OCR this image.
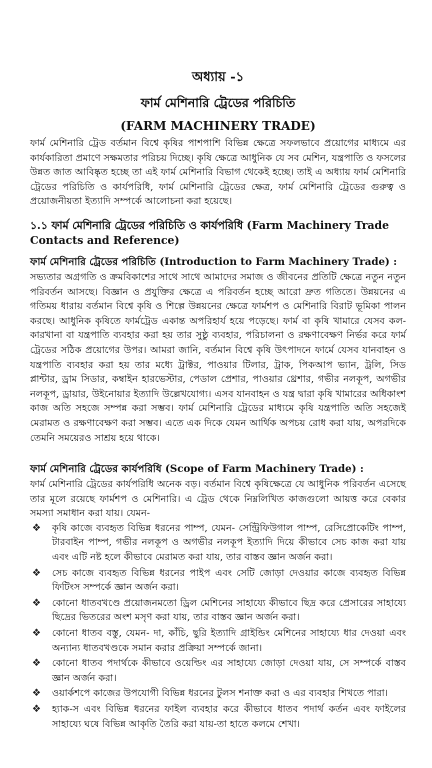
অধ্যায় -১
ফার্ম মেশিনারি ট্রেডের পরিচিতি
(FARM MACHINERY TRADE)

ফার্ম মেশিনারি ট্রেড বর্তমান বিশ্বে কৃষির পাশপাশি বিভিন্ন ক্ষেত্রে সফলভাবে প্রয়োগের মাধ্যমে এর কার্যকারিতা প্রমাণে সক্ষমতার পরিচয় দিচ্ছে। কৃষি ক্ষেত্রে আধুনিক যে সব মেশিন, যন্ত্রপাতি ও ফসলের উন্নত জাত আবিষ্কৃত হচ্ছে তা এই ফার্ম মেশিনারি বিভাগ থেকেই হচ্ছে। তাই এ অধ্যায় ফার্ম মেশিনারি ট্রেডের পরিচিতি ও কার্যপরিধি, ফার্ম মেশিনারি ট্রেডের ক্ষেত্র, ফার্ম মেশিনারি ট্রেডের গুরুত্ব ও প্রয়োজনীয়তা ইত্যাদি সম্পর্কে আলোচনা করা হয়েছে।

১.১ ফার্ম মেশিনারি ট্রেডের পরিচিতি ও কার্যপরিধি (Farm Machinery Trade Contacts and Reference)
ফার্ম মেশিনারি ট্রেডের পরিচিতি (Introduction to Farm Machinery Trade) :

সভ্যতার অগ্রগতি ও ক্রমবিকাশের সাথে সাথে আমাদের সমাজ ও জীবনের প্রতিটি ক্ষেত্রে নতুন নতুন পরিবর্তন আসছে। বিজ্ঞান ও প্রযুক্তির ক্ষেত্রে এ পরিবর্তন হচ্ছে আরো দ্রুত গতিতে। উন্নয়নের এ গতিময় ধারায় বর্তমান বিশ্বে কৃষি ও শিল্পে উন্নয়নের ক্ষেত্রে ফার্মশপ ও মেশিনারি বিরাট ভূমিকা পালন করছে। আধুনিক কৃষিতে ফার্মট্রেড একান্ত অপরিহার্য হয়ে পড়েছে। ফার্ম বা কৃষি খামারে যেসব কল-কারখানা বা যন্ত্রপাতি ব্যবহার করা হয় তার সুষ্ঠু ব্যবহার, পরিচালনা ও রক্ষণাবেক্ষণ নির্ভর করে ফার্ম ট্রেডের সঠিক প্রয়োগের উপর। আমরা জানি, বর্তমান বিশ্বে কৃষি উৎপাদনে ফার্মে যেসব যানবাহন ও যন্ত্রপাতি ব্যবহার করা হয় তার মধ্যে ট্রাক্টর, পাওয়ার টিলার, ট্রাক, পিকআপ ভ্যান, ট্রলি, সিড প্লান্টার, ড্রাম সিডার, কম্বাইন হারভেস্টার, পেডাল প্রেশার, পাওয়ার থ্রেশার, গভীর নলকূপ, অগভীর নলকূপ, ড্রায়ার, উইনোয়ার ইত্যাদি উল্লেখযোগ্য। এসব যানবাহন ও যন্ত্র দ্বারা কৃষি খামারের অধিকাংশ কাজ অতি সহজে সম্পন্ন করা সম্ভব। ফার্ম মেশিনারি ট্রেডের মাধ্যমে কৃষি যন্ত্রপাতি অতি সহজেই মেরামত ও রক্ষণাবেক্ষণ করা সম্ভব। এতে এক দিকে যেমন আর্থিক অপচয় রোধ করা যায়, অপরদিকে তেমনি সময়েরও সাশ্রয় হয়ে থাকে।

ফার্ম মেশিনারি ট্রেডের কার্যপরিধি (Scope of Farm Machinery Trade) :

ফার্ম মেশিনারি ট্রেডের কার্যপরিধি অনেক বড়। বর্তমান বিশ্বে কৃষিক্ষেত্রে যে আধুনিক পরিবর্তন এসেছে তার মূলে রয়েছে ফার্মশপ ও মেশিনারি। এ ট্রেড থেকে নিম্নলিখিত কাজগুলো আয়ত্ত করে বেকার সমস্যা সমাধান করা যায়। যেমন-

❖ কৃষি কাজে ব্যবহৃত বিভিন্ন ধরনের পাম্প, যেমন- সেন্ট্রিফিউগাল পাম্প, রেসিপ্রোকেটিং পাম্প, টারবাইন পাম্প, গভীর নলকূপ ও অগভীর নলকূপ ইত্যাদি দিয়ে কীভাবে সেচ কাজ করা যায় এবং এটি নষ্ট হলে কীভাবে মেরামত করা যায়, তার বাস্তব জ্ঞান অর্জন করা।
❖ সেচ কাজে ব্যবহৃত বিভিন্ন ধরনের পাইপ এবং সেটি জোড়া দেওয়ার কাজে ব্যবহৃত বিভিন্ন ফিটিংস সম্পর্কে জ্ঞান অর্জন করা।
❖ কোনো ধাতবখণ্ডে প্রয়োজনমতো ড্রিল মেশিনের সাহায্যে কীভাবে ছিদ্র করে প্রেসারের সাহায্যে ছিদ্রের ভিতরের অংশ মসৃণ করা যায়, তার বাস্তব জ্ঞান অর্জন করা।
❖ কোনো ধাতব বস্তু, যেমন- দা, কাঁচি, ছুরি ইত্যাদি গ্রাইন্ডিং মেশিনের সাহায্যে ধার দেওয়া এবং অন্যান্য ধাতবখণ্ডকে সমান করার প্রক্রিয়া সম্পর্কে জানা।
❖ কোনো ধাতব পদার্থকে কীভাবে ওয়েল্ডিং এর সাহায্যে জোড়া দেওয়া যায়, সে সম্পর্কে বাস্তব জ্ঞান অর্জন করা।
❖ ওয়ার্কশপে কাজের উপযোগী বিভিন্ন ধরনের টুলস শনাক্ত করা ও এর ব্যবহার শিখতে পারা।
❖ হ্যাক-স এবং বিভিন্ন ধরনের ফাইল ব্যবহার করে কীভাবে ধাতব পদার্থ কর্তন এবং ফাইলের সাহায্যে ঘষে বিভিন্ন আকৃতি তৈরি করা যায়-তা হাতে কলমে শেখা।
